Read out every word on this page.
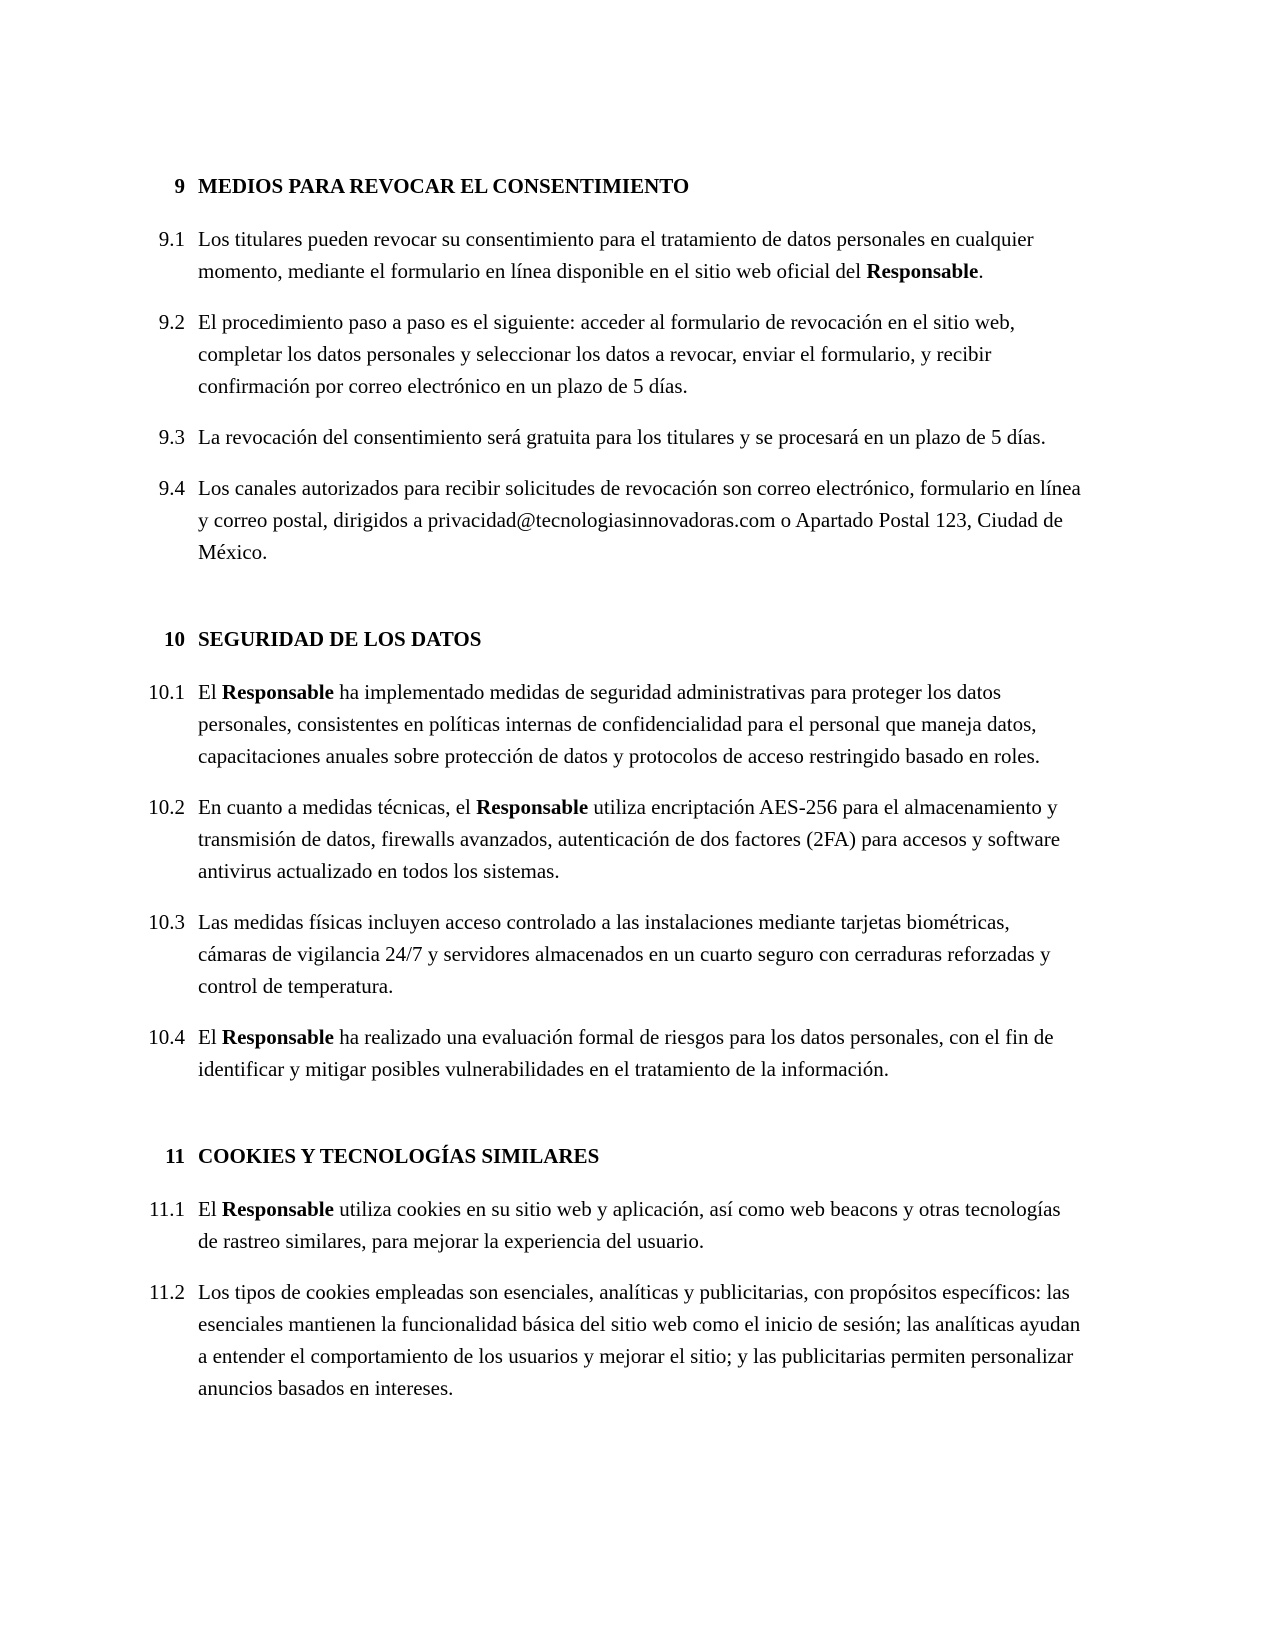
9 MEDIOS PARA REVOCAR EL CONSENTIMIENTO
9.1 Los titulares pueden revocar su consentimiento para el tratamiento de datos personales en cualquier momento, mediante el formulario en línea disponible en el sitio web oficial del Responsable.

9.2 El procedimiento paso a paso es el siguiente: acceder al formulario de revocación en el sitio web, completar los datos personales y seleccionar los datos a revocar, enviar el formulario, y recibir confirmación por correo electrónico en un plazo de 5 días.

9.3 La revocación del consentimiento será gratuita para los titulares y se procesará en un plazo de 5 días.

9.4 Los canales autorizados para recibir solicitudes de revocación son correo electrónico, formulario en línea y correo postal, dirigidos a privacidad@tecnologiasinnovadoras.com o Apartado Postal 123, Ciudad de México.

10 SEGURIDAD DE LOS DATOS
10.1 El Responsable ha implementado medidas de seguridad administrativas para proteger los datos personales, consistentes en políticas internas de confidencialidad para el personal que maneja datos, capacitaciones anuales sobre protección de datos y protocolos de acceso restringido basado en roles.

10.2 En cuanto a medidas técnicas, el Responsable utiliza encriptación AES-256 para el almacenamiento y transmisión de datos, firewalls avanzados, autenticación de dos factores (2FA) para accesos y software antivirus actualizado en todos los sistemas.

10.3 Las medidas físicas incluyen acceso controlado a las instalaciones mediante tarjetas biométricas, cámaras de vigilancia 24/7 y servidores almacenados en un cuarto seguro con cerraduras reforzadas y control de temperatura.

10.4 El Responsable ha realizado una evaluación formal de riesgos para los datos personales, con el fin de identificar y mitigar posibles vulnerabilidades en el tratamiento de la información.

11 COOKIES Y TECNOLOGÍAS SIMILARES
11.1 El Responsable utiliza cookies en su sitio web y aplicación, así como web beacons y otras tecnologías de rastreo similares, para mejorar la experiencia del usuario.

11.2 Los tipos de cookies empleadas son esenciales, analíticas y publicitarias, con propósitos específicos: las esenciales mantienen la funcionalidad básica del sitio web como el inicio de sesión; las analíticas ayudan a entender el comportamiento de los usuarios y mejorar el sitio; y las publicitarias permiten personalizar anuncios basados en intereses.
